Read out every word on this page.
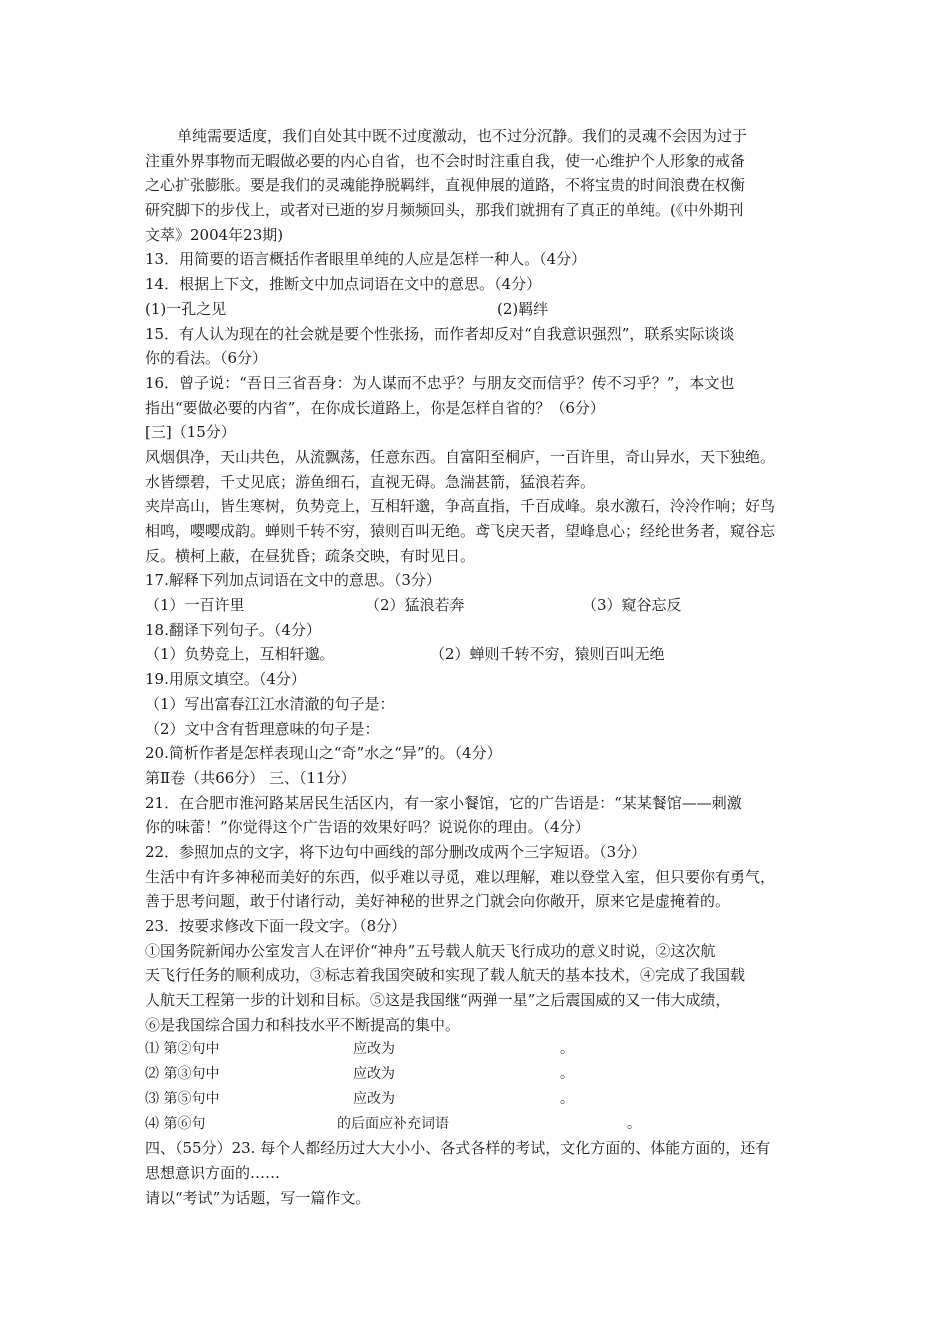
单纯需要适度，我们自处其中既不过度激动，也不过分沉静。我们的灵魂不会因为过于
注重外界事物而无暇做必要的内心自省，也不会时时注重自我，使一心维护个人形象的戒备
之心扩张膨胀。要是我们的灵魂能挣脱羁绊，直视伸展的道路，不将宝贵的时间浪费在权衡
研究脚下的步伐上，或者对已逝的岁月频频回头，那我们就拥有了真正的单纯。(《中外期刊
文萃》2004年23期)
13．用简要的语言概括作者眼里单纯的人应是怎样一种人。（4分）
14．根据上下文，推断文中加点词语在文中的意思。（4分）
(1)一孔之见	(2)羁绊
15．有人认为现在的社会就是要个性张扬，而作者却反对“自我意识强烈”，联系实际谈谈
你的看法。（6分）
16．曾子说：“吾日三省吾身：为人谋而不忠乎？与朋友交而信乎？传不习乎？”，本文也
指出“要做必要的内省”，在你成长道路上，你是怎样自省的？（6分）
[三]（15分）
风烟俱净，天山共色，从流飘荡，任意东西。自富阳至桐庐，一百许里，奇山异水，天下独绝。
水皆缥碧，千丈见底；游鱼细石，直视无碍。急湍甚箭，猛浪若奔。
夹岸高山，皆生寒树，负势竞上，互相轩邈，争高直指，千百成峰。泉水激石，泠泠作响；好鸟
相鸣，嘤嘤成韵。蝉则千转不穷，猿则百叫无绝。鸢飞戾天者，望峰息心；经纶世务者，窥谷忘
反。横柯上蔽，在昼犹昏；疏条交映，有时见日。
17.解释下列加点词语在文中的意思。（3分）
（1）一百许里	（2）猛浪若奔	（3）窥谷忘反
18.翻译下列句子。（4分）
（1）负势竞上，互相轩邈。	（2）蝉则千转不穷，猿则百叫无绝
19.用原文填空。（4分）
（1）写出富春江江水清澈的句子是：
（2）文中含有哲理意味的句子是：
20.简析作者是怎样表现山之“奇”水之“异”的。（4分）
第Ⅱ卷（共66分） 三、（11分）
21．在合肥市淮河路某居民生活区内，有一家小餐馆，它的广告语是：“某某餐馆——刺激
你的味蕾！”你觉得这个广告语的效果好吗？说说你的理由。（4分）
22．参照加点的文字，将下边句中画线的部分删改成两个三字短语。（3分）
生活中有许多神秘而美好的东西，似乎难以寻觅，难以理解，难以登堂入室，但只要你有勇气，
善于思考问题，敢于付诸行动，美好神秘的世界之门就会向你敞开，原来它是虚掩着的。
23．按要求修改下面一段文字。（8分）
①国务院新闻办公室发言人在评价“神舟”五号载人航天飞行成功的意义时说，②这次航
天飞行任务的顺利成功，③标志着我国突破和实现了载人航天的基本技术，④完成了我国载
人航天工程第一步的计划和目标。⑤这是我国继“两弹一星”之后震国威的又一伟大成绩，
⑥是我国综合国力和科技水平不断提高的集中。
⑴ 第②句中	应改为	。
⑵ 第③句中	应改为	。
⑶ 第⑤句中	应改为	。
⑷ 第⑥句	的后面应补充词语	。
四、（55分）23. 每个人都经历过大大小小、各式各样的考试，文化方面的、体能方面的，还有
思想意识方面的……
请以“考试”为话题，写一篇作文。
